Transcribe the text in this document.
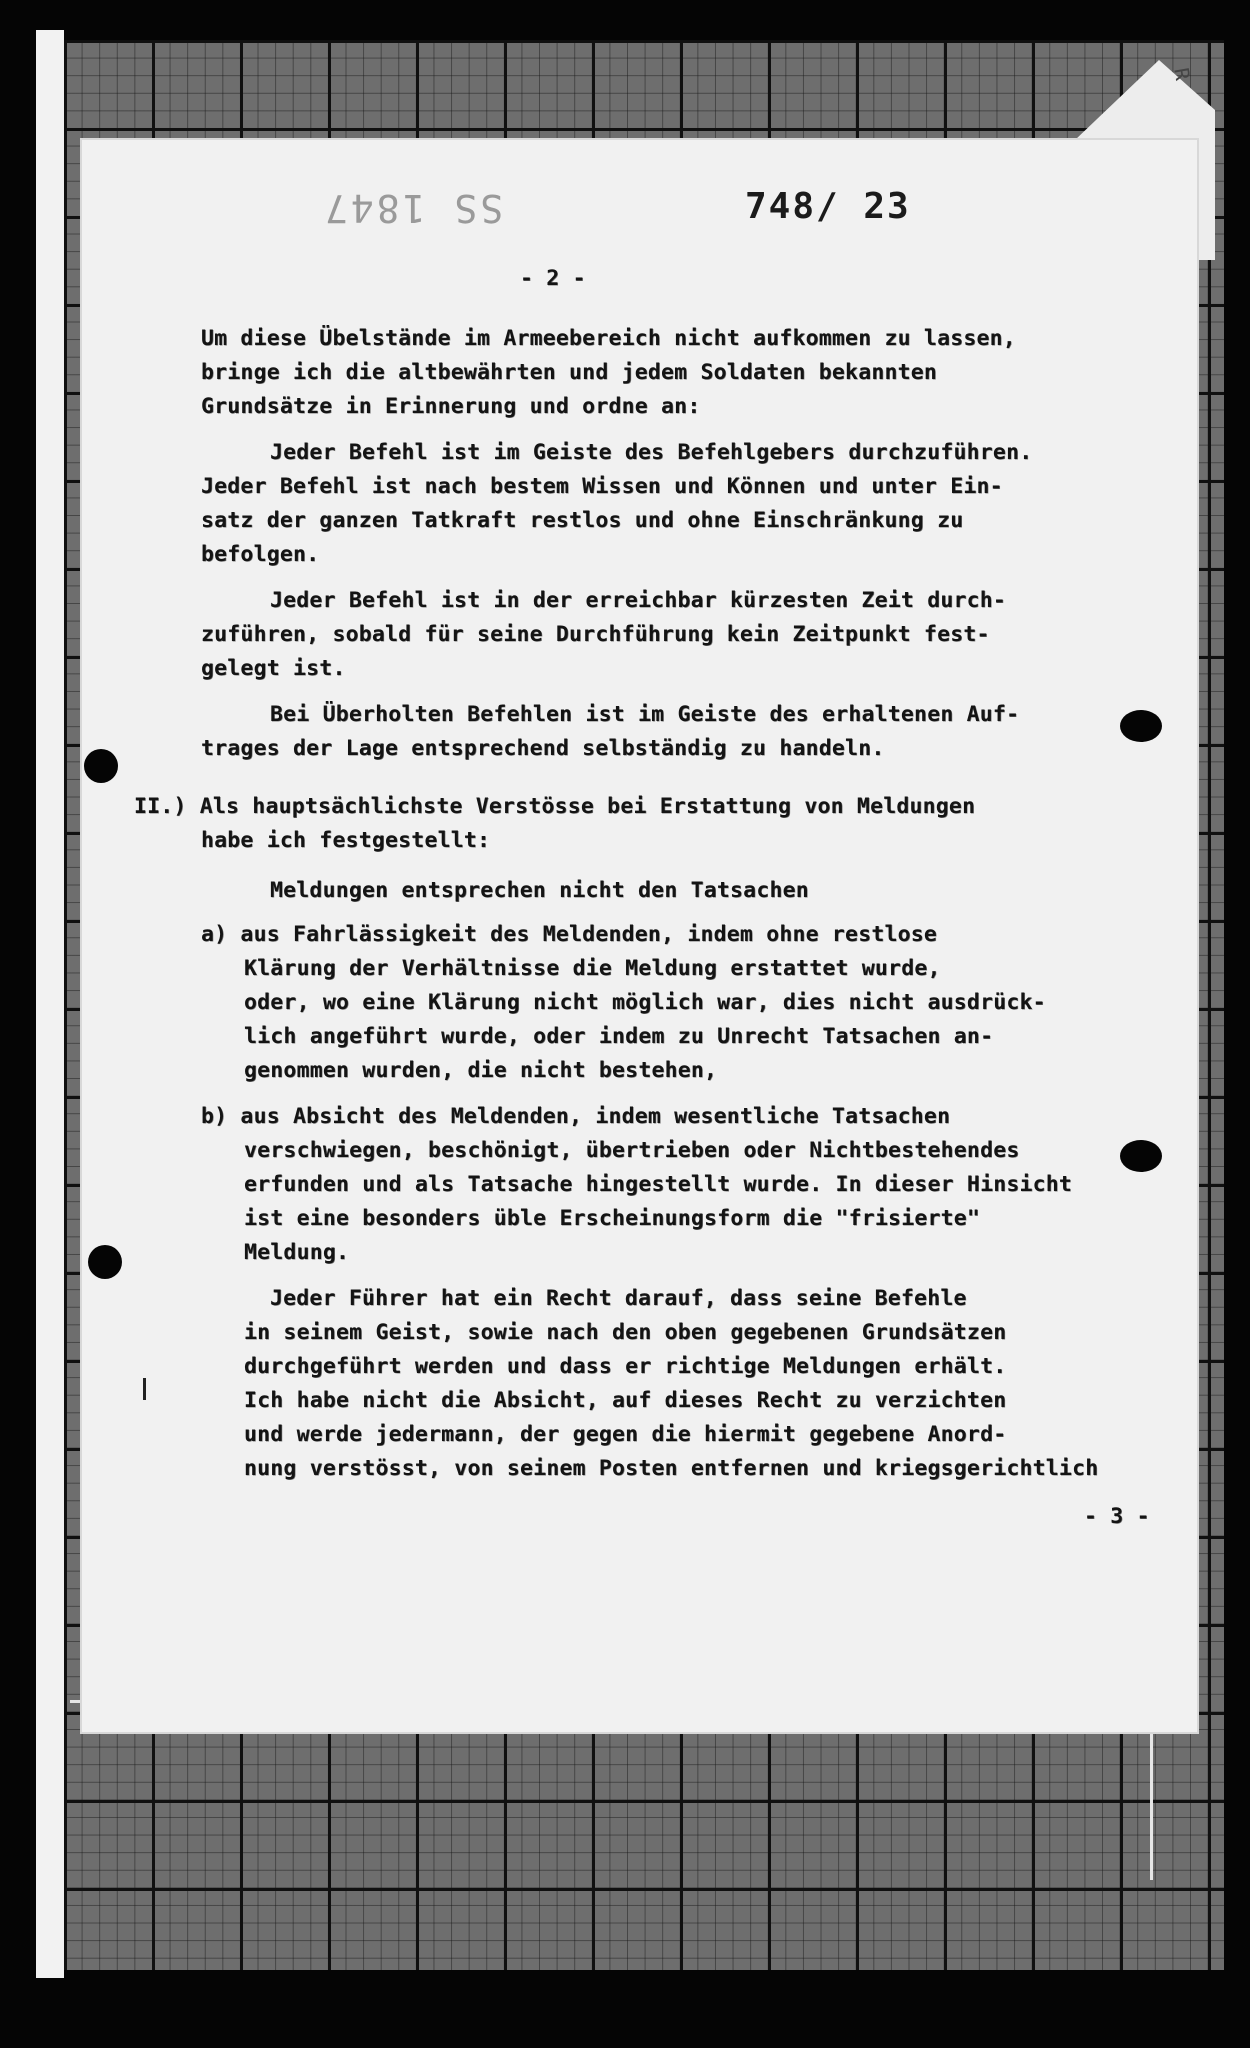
R
SS 1847	748/ 23
- 2 -
Um diese Übelstände im Armeebereich nicht aufkommen zu lassen,
bringe ich die altbewährten und jedem Soldaten bekannten
Grundsätze in Erinnerung und ordne an:
Jeder Befehl ist im Geiste des Befehlgebers durchzuführen.
Jeder Befehl ist nach bestem Wissen und Können und unter Ein-
satz der ganzen Tatkraft restlos und ohne Einschränkung zu
befolgen.
Jeder Befehl ist in der erreichbar kürzesten Zeit durch-
zuführen, sobald für seine Durchführung kein Zeitpunkt fest-
gelegt ist.
Bei Überholten Befehlen ist im Geiste des erhaltenen Auf-
trages der Lage entsprechend selbständig zu handeln.
II.) Als hauptsächlichste Verstösse bei Erstattung von Meldungen
habe ich festgestellt:
Meldungen entsprechen nicht den Tatsachen
a) aus Fahrlässigkeit des Meldenden, indem ohne restlose
Klärung der Verhältnisse die Meldung erstattet wurde,
oder, wo eine Klärung nicht möglich war, dies nicht ausdrück-
lich angeführt wurde, oder indem zu Unrecht Tatsachen an-
genommen wurden, die nicht bestehen,
b) aus Absicht des Meldenden, indem wesentliche Tatsachen
verschwiegen, beschönigt, übertrieben oder Nichtbestehendes
erfunden und als Tatsache hingestellt wurde. In dieser Hinsicht
ist eine besonders üble Erscheinungsform die "frisierte"
Meldung.
Jeder Führer hat ein Recht darauf, dass seine Befehle
in seinem Geist, sowie nach den oben gegebenen Grundsätzen
durchgeführt werden und dass er richtige Meldungen erhält.
Ich habe nicht die Absicht, auf dieses Recht zu verzichten
und werde jedermann, der gegen die hiermit gegebene Anord-
nung verstösst, von seinem Posten entfernen und kriegsgerichtlich
- 3 -
